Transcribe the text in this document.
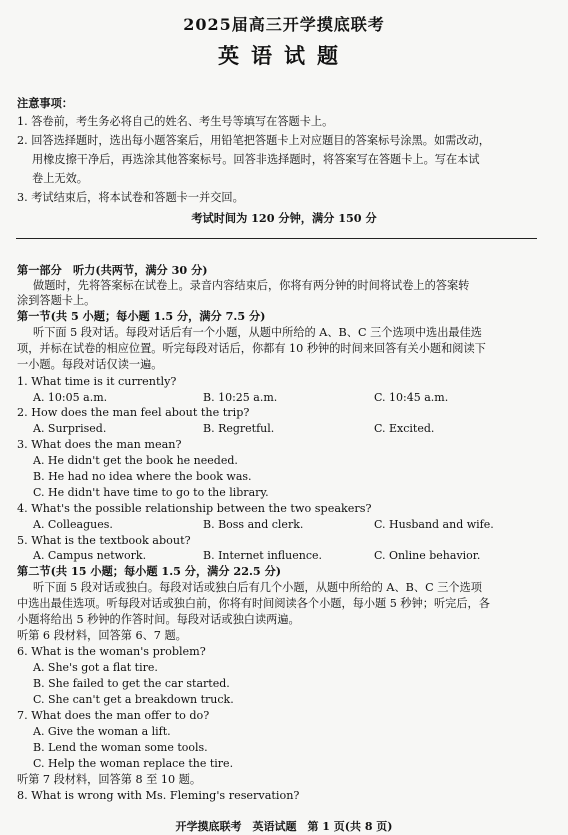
2025届高三开学摸底联考
英语试题
注意事项：
1. 答卷前，考生务必将自己的姓名、考生号等填写在答题卡上。
2. 回答选择题时，选出每小题答案后，用铅笔把答题卡上对应题目的答案标号涂黑。如需改动，
用橡皮擦干净后，再选涂其他答案标号。回答非选择题时，将答案写在答题卡上。写在本试
卷上无效。
3. 考试结束后，将本试卷和答题卡一并交回。
考试时间为 120 分钟，满分 150 分
第一部分　听力(共两节，满分 30 分)
做题时，先将答案标在试卷上。录音内容结束后，你将有两分钟的时间将试卷上的答案转
涂到答题卡上。
第一节(共 5 小题；每小题 1.5 分，满分 7.5 分)
听下面 5 段对话。每段对话后有一个小题，从题中所给的 A、B、C 三个选项中选出最佳选
项，并标在试卷的相应位置。听完每段对话后，你都有 10 秒钟的时间来回答有关小题和阅读下
一小题。每段对话仅读一遍。
1. What time is it currently?
A. 10:05 a.m.	B. 10:25 a.m.	C. 10:45 a.m.
2. How does the man feel about the trip?
A. Surprised.	B. Regretful.	C. Excited.
3. What does the man mean?
A. He didn't get the book he needed.
B. He had no idea where the book was.
C. He didn't have time to go to the library.
4. What's the possible relationship between the two speakers?
A. Colleagues.	B. Boss and clerk.	C. Husband and wife.
5. What is the textbook about?
A. Campus network.	B. Internet influence.	C. Online behavior.
第二节(共 15 小题；每小题 1.5 分，满分 22.5 分)
听下面 5 段对话或独白。每段对话或独白后有几个小题，从题中所给的 A、B、C 三个选项
中选出最佳选项。听每段对话或独白前，你将有时间阅读各个小题，每小题 5 秒钟；听完后，各
小题将给出 5 秒钟的作答时间。每段对话或独白读两遍。
听第 6 段材料，回答第 6、7 题。
6. What is the woman's problem?
A. She's got a flat tire.
B. She failed to get the car started.
C. She can't get a breakdown truck.
7. What does the man offer to do?
A. Give the woman a lift.
B. Lend the woman some tools.
C. Help the woman replace the tire.
听第 7 段材料，回答第 8 至 10 题。
8. What is wrong with Ms. Fleming's reservation?
开学摸底联考　英语试题　第 1 页(共 8 页)
